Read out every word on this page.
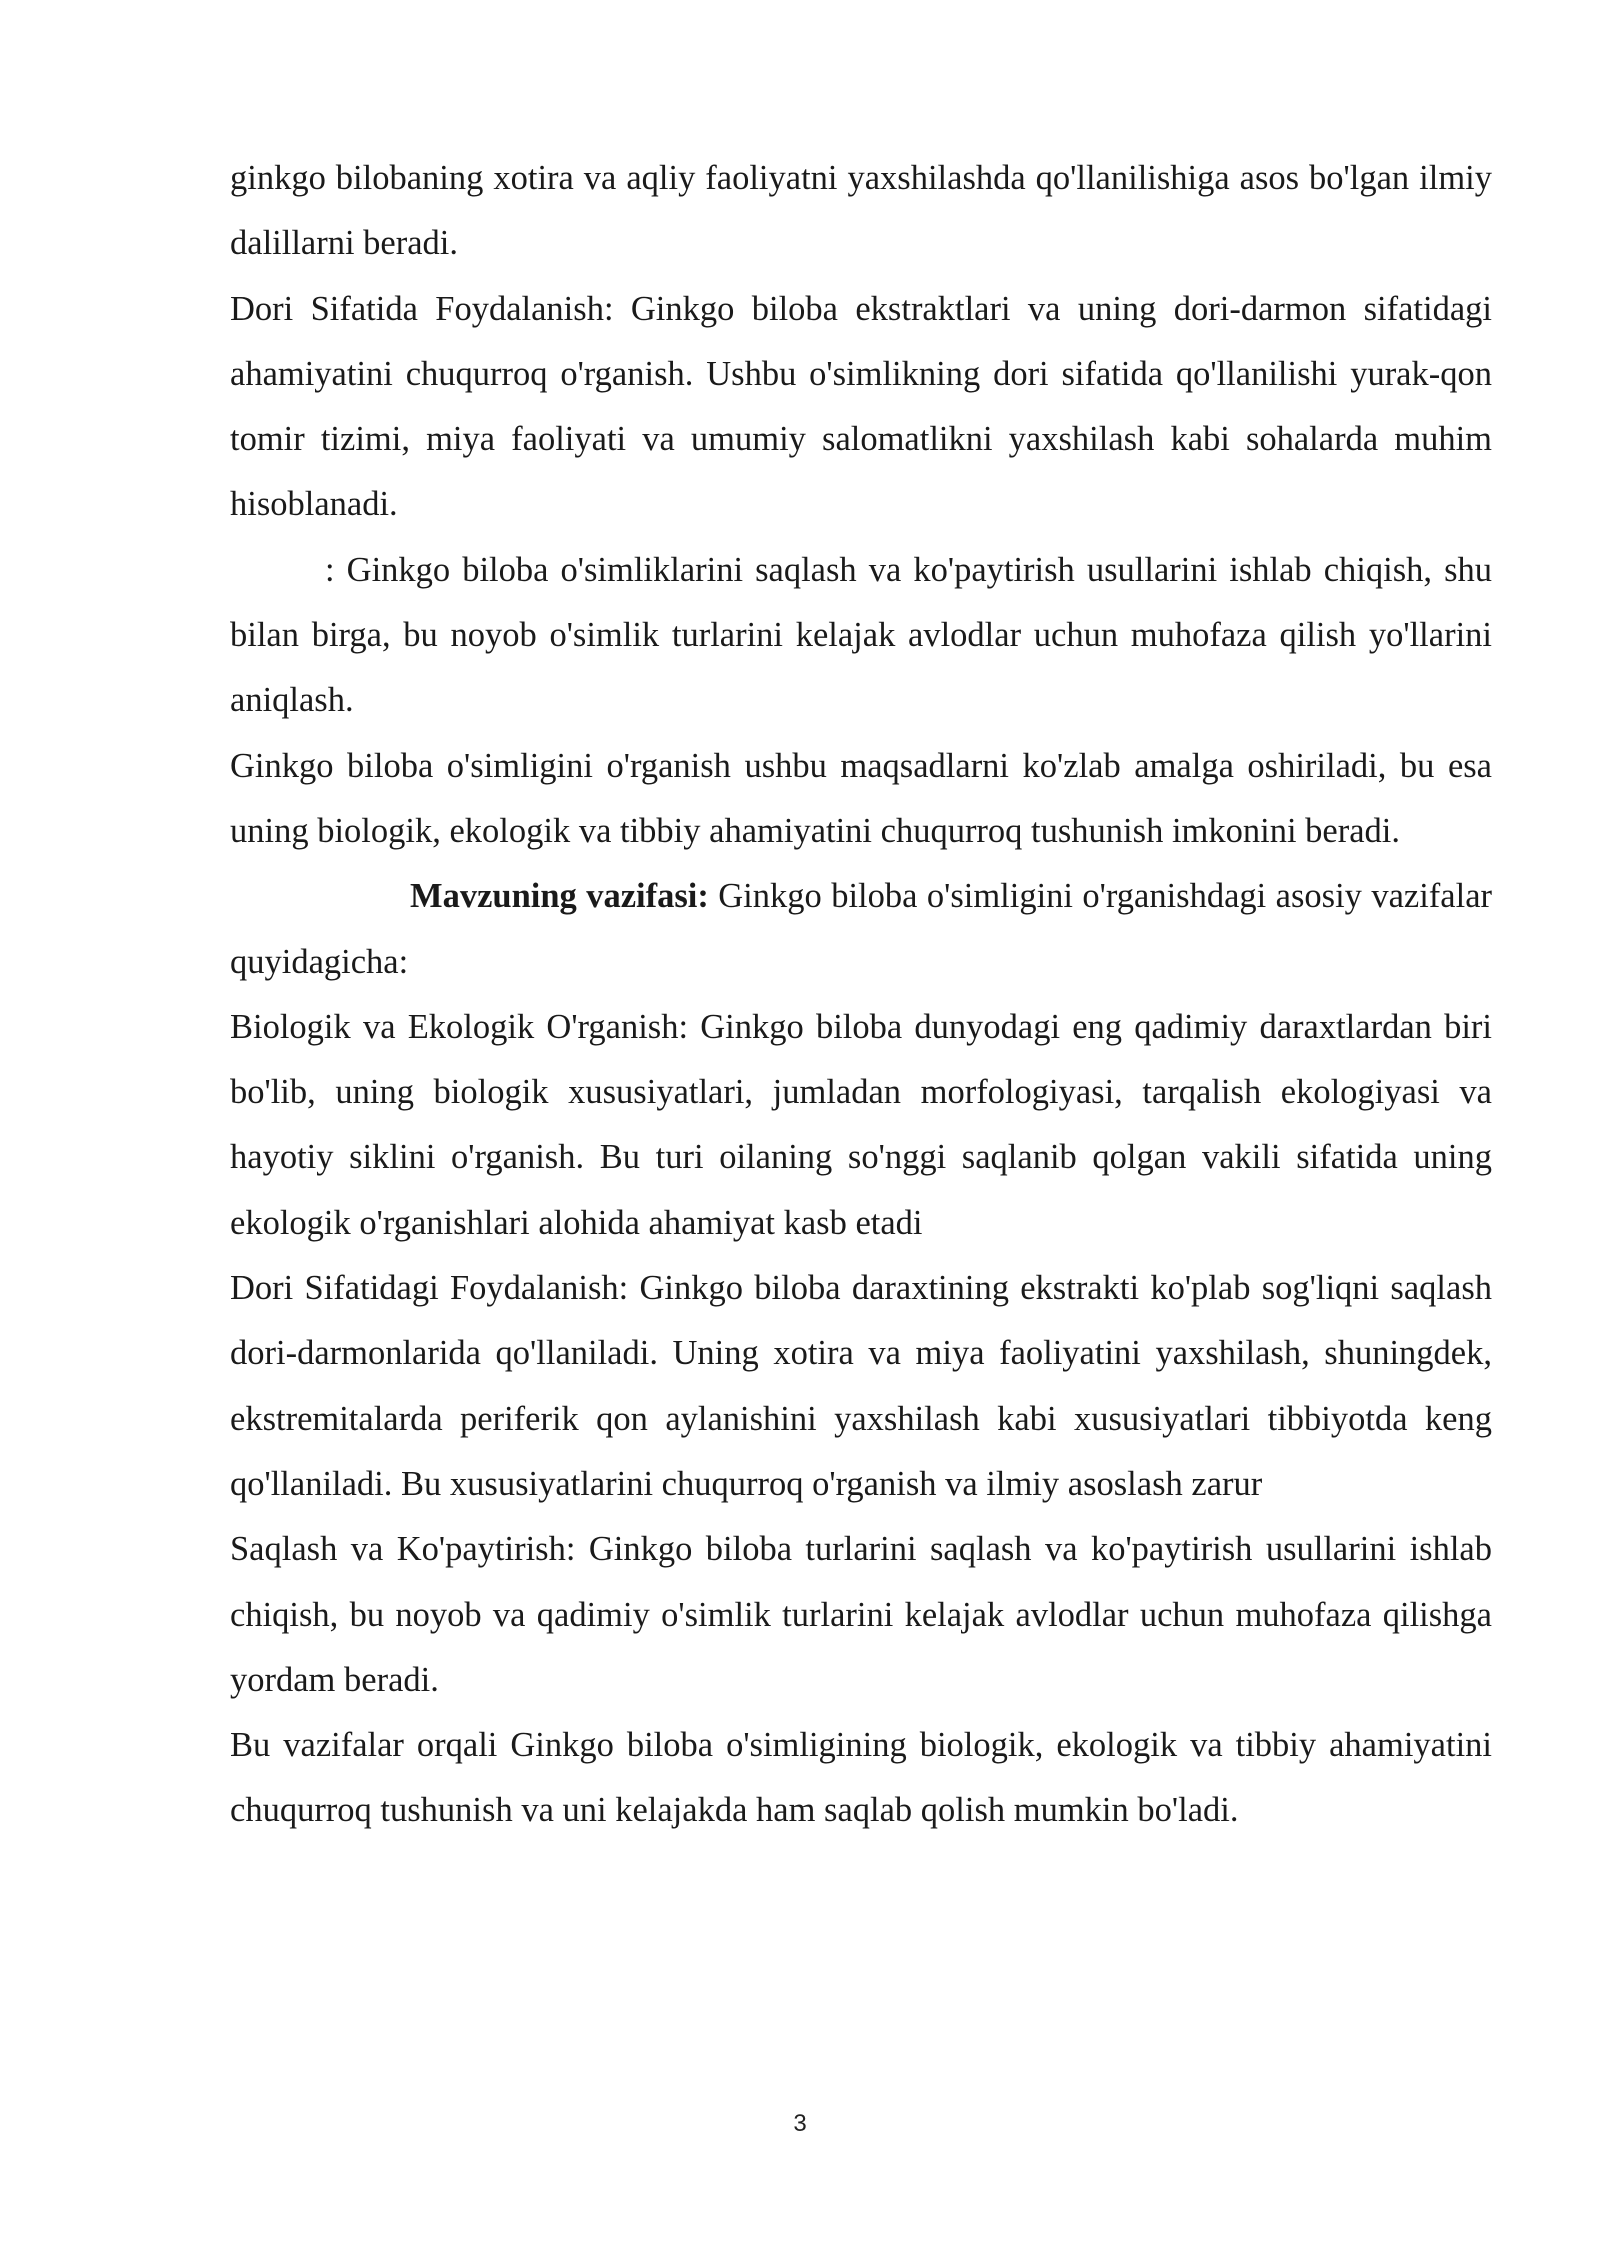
ginkgo bilobaning xotira va aqliy faoliyatni yaxshilashda qo'llanilishiga asos bo'lgan ilmiy dalillarni beradi.

Dori Sifatida Foydalanish: Ginkgo biloba ekstraktlari va uning dori-darmon sifatidagi ahamiyatini chuqurroq o'rganish. Ushbu o'simlikning dori sifatida qo'llanilishi yurak-qon tomir tizimi, miya faoliyati va umumiy salomatlikni yaxshilash kabi sohalarda muhim hisoblanadi.

: Ginkgo biloba o'simliklarini saqlash va ko'paytirish usullarini ishlab chiqish, shu bilan birga, bu noyob o'simlik turlarini kelajak avlodlar uchun muhofaza qilish yo'llarini aniqlash.

Ginkgo biloba o'simligini o'rganish ushbu maqsadlarni ko'zlab amalga oshiriladi, bu esa uning biologik, ekologik va tibbiy ahamiyatini chuqurroq tushunish imkonini beradi.

Mavzuning vazifasi: Ginkgo biloba o'simligini o'rganishdagi asosiy vazifalar quyidagicha:

Biologik va Ekologik O'rganish: Ginkgo biloba dunyodagi eng qadimiy daraxtlardan biri bo'lib, uning biologik xususiyatlari, jumladan morfologiyasi, tarqalish ekologiyasi va hayotiy siklini o'rganish. Bu turi oilaning so'nggi saqlanib qolgan vakili sifatida uning ekologik o'rganishlari alohida ahamiyat kasb etadi

Dori Sifatidagi Foydalanish: Ginkgo biloba daraxtining ekstrakti ko'plab sog'liqni saqlash dori-darmonlarida qo'llaniladi. Uning xotira va miya faoliyatini yaxshilash, shuningdek, ekstremitalarda periferik qon aylanishini yaxshilash kabi xususiyatlari tibbiyotda keng qo'llaniladi. Bu xususiyatlarini chuqurroq o'rganish va ilmiy asoslash zarur

Saqlash va Ko'paytirish: Ginkgo biloba turlarini saqlash va ko'paytirish usullarini ishlab chiqish, bu noyob va qadimiy o'simlik turlarini kelajak avlodlar uchun muhofaza qilishga yordam beradi.

Bu vazifalar orqali Ginkgo biloba o'simligining biologik, ekologik va tibbiy ahamiyatini chuqurroq tushunish va uni kelajakda ham saqlab qolish mumkin bo'ladi.

3
